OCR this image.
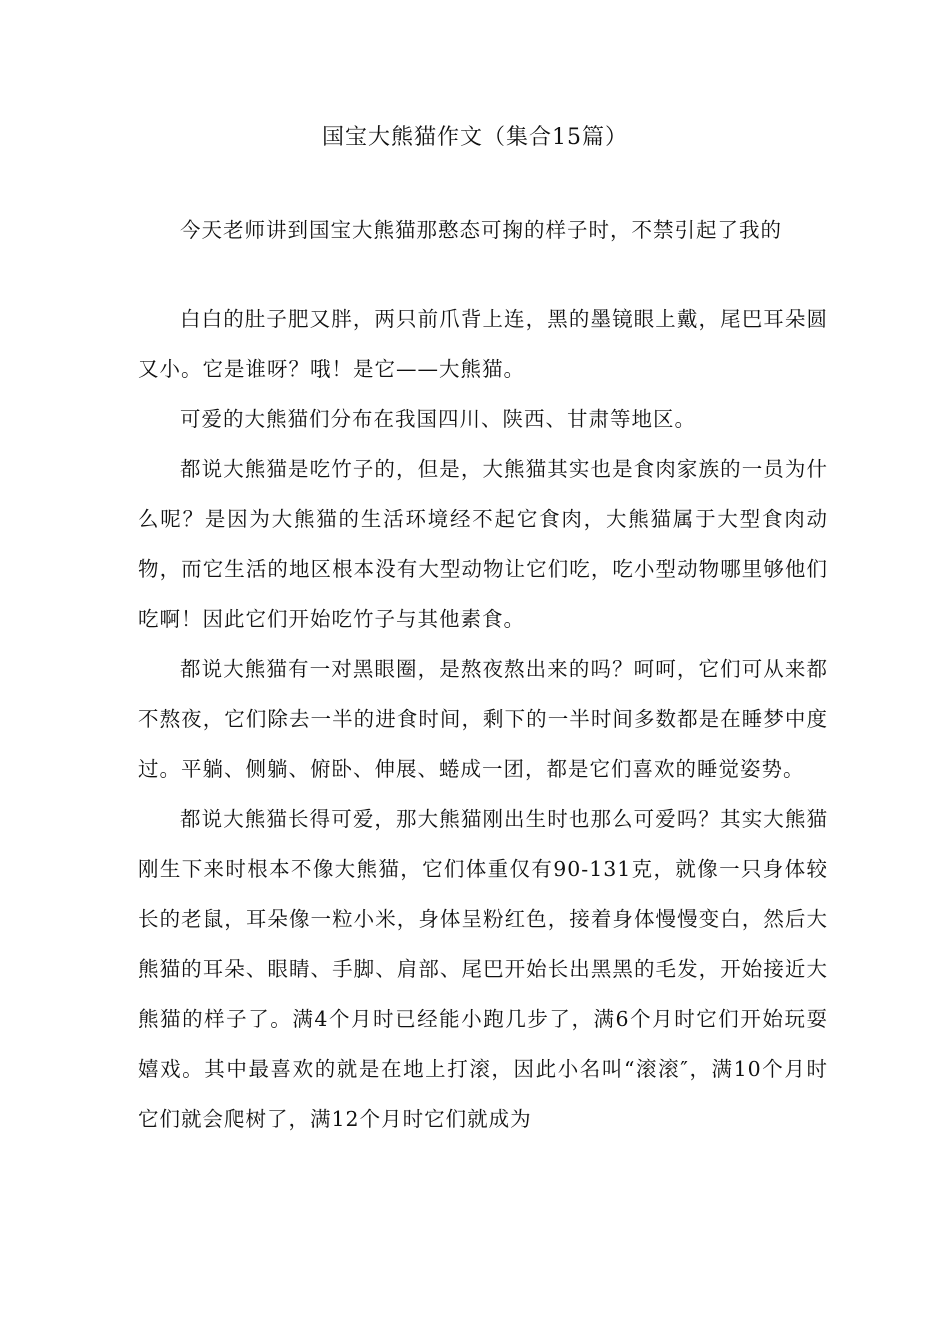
国宝大熊猫作文（集合15篇）

今天老师讲到国宝大熊猫那憨态可掬的样子时，不禁引起了我的

白白的肚子肥又胖，两只前爪背上连，黑的墨镜眼上戴，尾巴耳朵圆又小。它是谁呀？哦！是它——大熊猫。

可爱的大熊猫们分布在我国四川、陕西、甘肃等地区。

都说大熊猫是吃竹子的，但是，大熊猫其实也是食肉家族的一员为什么呢？是因为大熊猫的生活环境经不起它食肉，大熊猫属于大型食肉动物，而它生活的地区根本没有大型动物让它们吃，吃小型动物哪里够他们吃啊！因此它们开始吃竹子与其他素食。

都说大熊猫有一对黑眼圈，是熬夜熬出来的吗？呵呵，它们可从来都不熬夜，它们除去一半的进食时间，剩下的一半时间多数都是在睡梦中度过。平躺、侧躺、俯卧、伸展、蜷成一团，都是它们喜欢的睡觉姿势。

都说大熊猫长得可爱，那大熊猫刚出生时也那么可爱吗？其实大熊猫刚生下来时根本不像大熊猫，它们体重仅有90-131克，就像一只身体较长的老鼠，耳朵像一粒小米，身体呈粉红色，接着身体慢慢变白，然后大熊猫的耳朵、眼睛、手脚、肩部、尾巴开始长出黑黑的毛发，开始接近大熊猫的样子了。满4个月时已经能小跑几步了，满6个月时它们开始玩耍嬉戏。其中最喜欢的就是在地上打滚，因此小名叫“滚滚″，满10个月时它们就会爬树了，满12个月时它们就成为
